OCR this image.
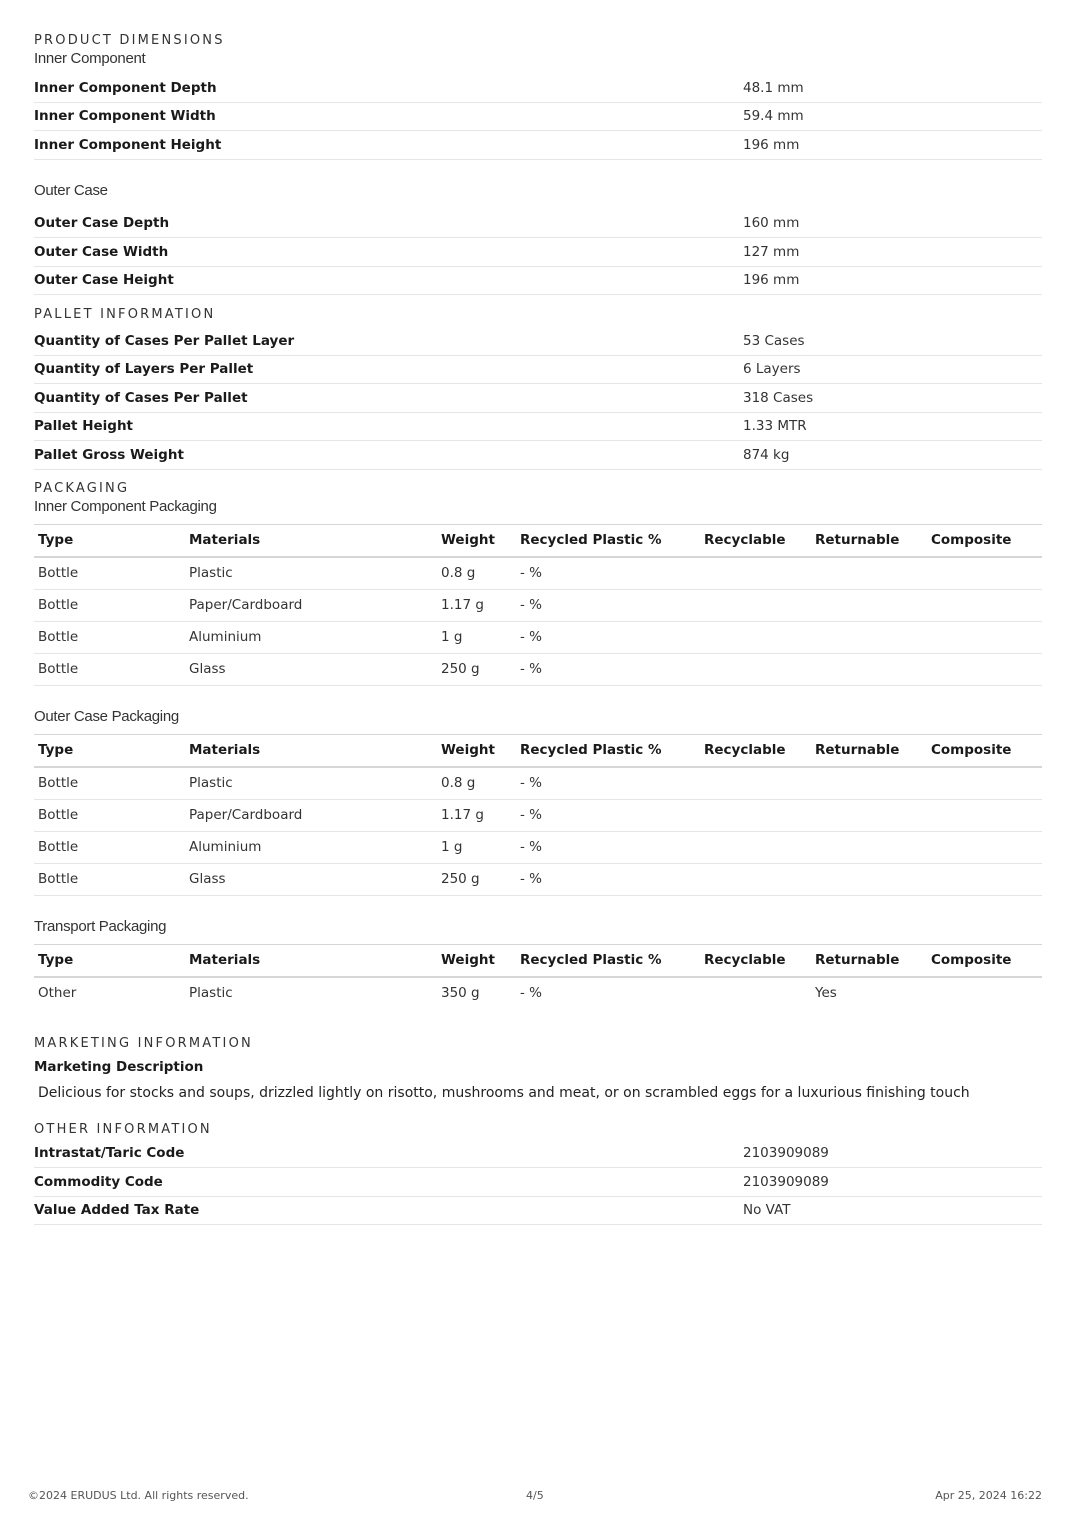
PRODUCT DIMENSIONS
Inner Component
Inner Component Depth	48.1 mm
Inner Component Width	59.4 mm
Inner Component Height	196 mm
Outer Case
Outer Case Depth	160 mm
Outer Case Width	127 mm
Outer Case Height	196 mm
PALLET INFORMATION
Quantity of Cases Per Pallet Layer	53 Cases
Quantity of Layers Per Pallet	6 Layers
Quantity of Cases Per Pallet	318 Cases
Pallet Height	1.33 MTR
Pallet Gross Weight	874 kg
PACKAGING
Inner Component Packaging
Type	Materials	Weight	Recycled Plastic %	Recyclable	Returnable	Composite
Bottle	Plastic	0.8 g	- %			
Bottle	Paper/Cardboard	1.17 g	- %			
Bottle	Aluminium	1 g	- %			
Bottle	Glass	250 g	- %			
Outer Case Packaging
Type	Materials	Weight	Recycled Plastic %	Recyclable	Returnable	Composite
Bottle	Plastic	0.8 g	- %			
Bottle	Paper/Cardboard	1.17 g	- %			
Bottle	Aluminium	1 g	- %			
Bottle	Glass	250 g	- %			
Transport Packaging
Type	Materials	Weight	Recycled Plastic %	Recyclable	Returnable	Composite
Other	Plastic	350 g	- %		Yes	
MARKETING INFORMATION
Marketing Description
Delicious for stocks and soups, drizzled lightly on risotto, mushrooms and meat, or on scrambled eggs for a luxurious finishing touch
OTHER INFORMATION
Intrastat/Taric Code	2103909089
Commodity Code	2103909089
Value Added Tax Rate	No VAT
©2024 ERUDUS Ltd. All rights reserved.	4/5	Apr 25, 2024 16:22
